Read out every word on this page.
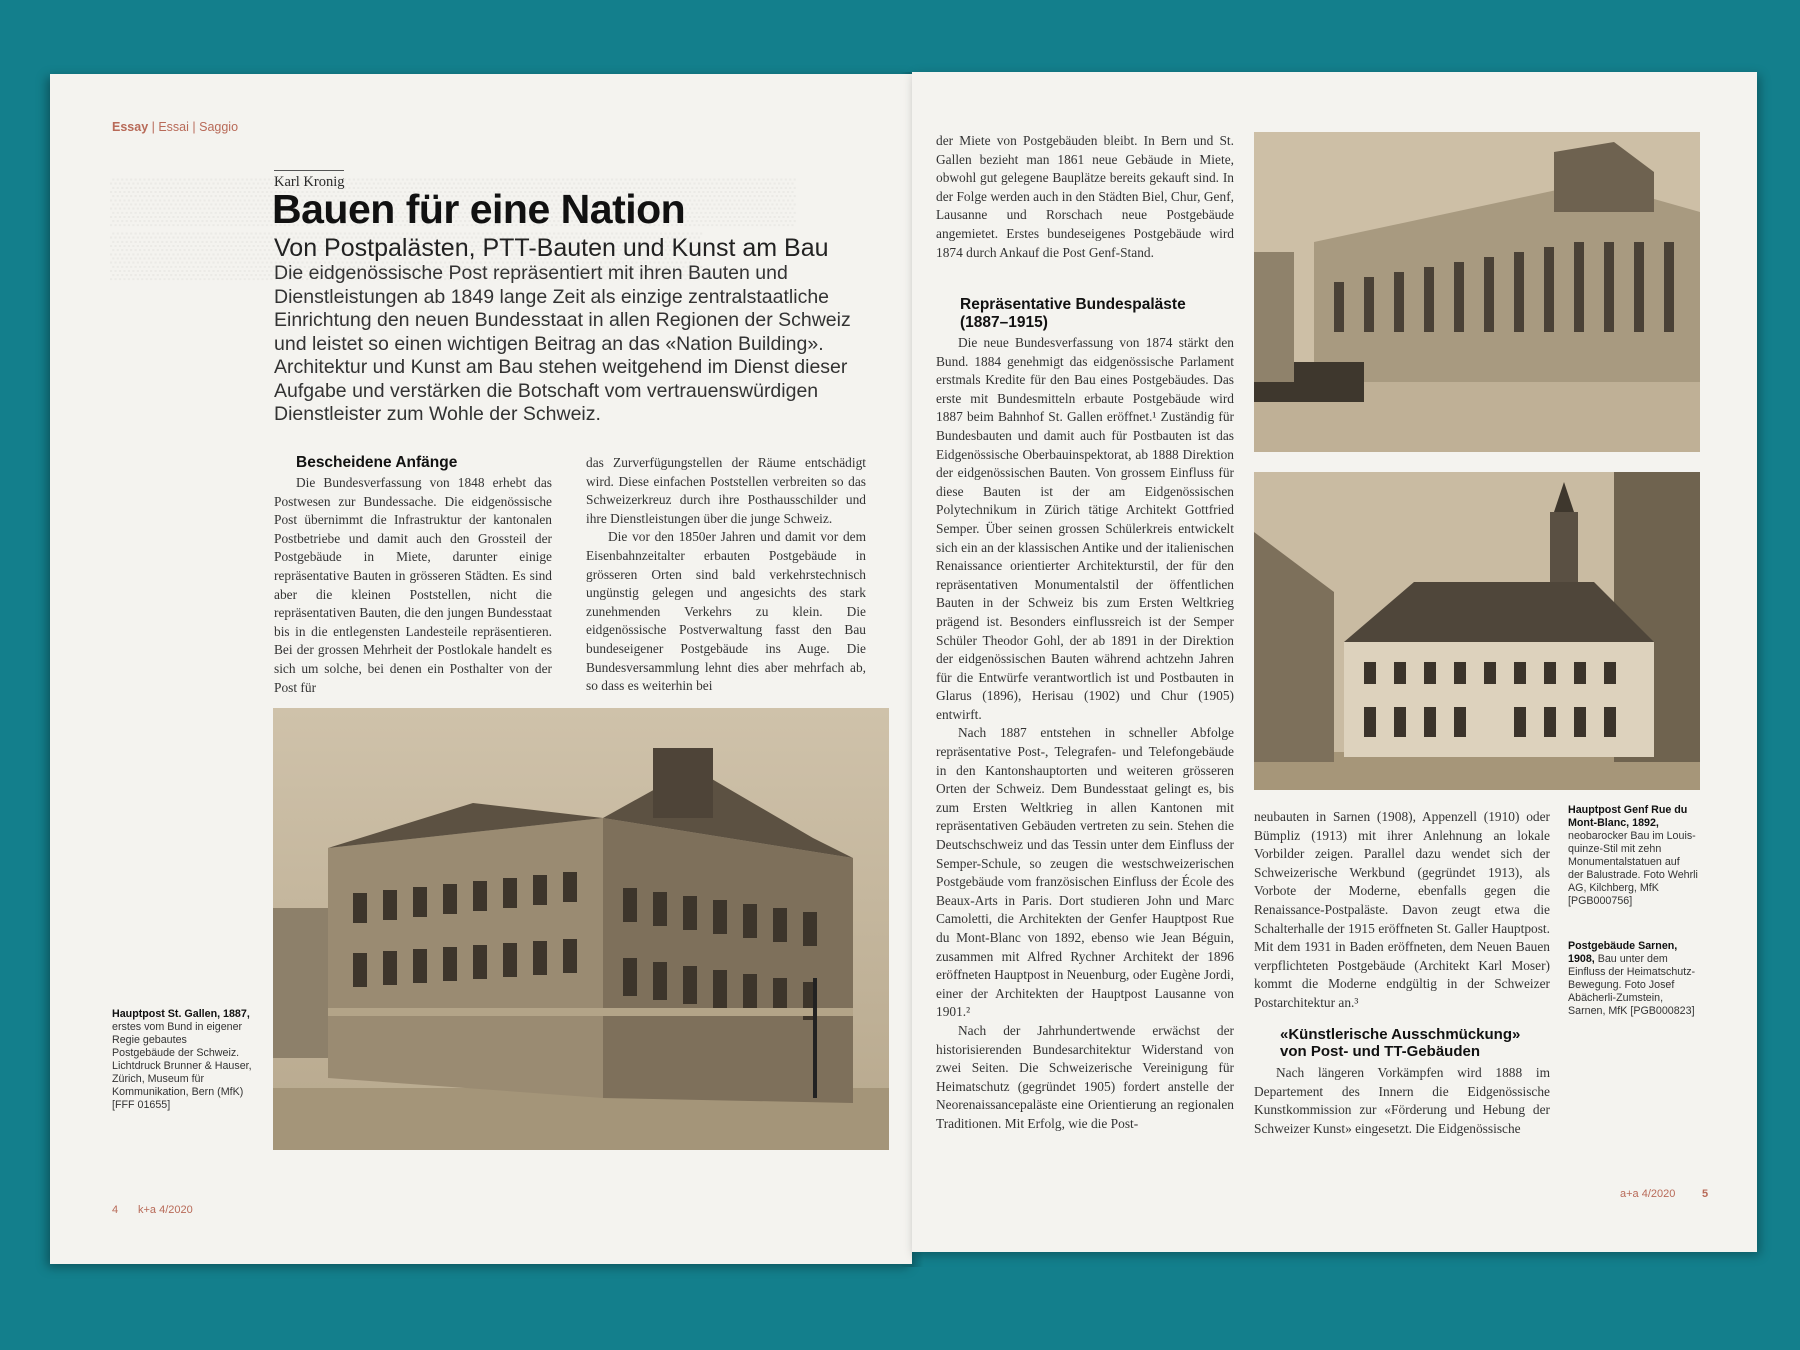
Essay | Essai | Saggio
Karl Kronig
Bauen für eine Nation
Von Postpalästen, PTT-Bauten und Kunst am Bau
Die eidgenössische Post repräsentiert mit ihren Bauten und Dienstleistungen ab 1849 lange Zeit als einzige zentralstaatliche Einrichtung den neuen Bundesstaat in allen Regionen der Schweiz und leistet so einen wichtigen Beitrag an das «Nation Building». Architektur und Kunst am Bau stehen weitgehend im Dienst dieser Aufgabe und verstärken die Botschaft vom vertrauenswürdigen Dienstleister zum Wohle der Schweiz.
Bescheidene Anfänge

Die Bundesverfassung von 1848 erhebt das Postwesen zur Bundessache. Die eidgenössische Post übernimmt die Infrastruktur der kantonalen Postbetriebe und damit auch den Grossteil der Postgebäude in Miete, darunter einige repräsentative Bauten in grösseren Städten. Es sind aber die kleinen Poststellen, nicht die repräsentativen Bauten, die den jungen Bundesstaat bis in die entlegensten Landesteile repräsentieren. Bei der grossen Mehrheit der Postlokale handelt es sich um solche, bei denen ein Posthalter von der Post für

das Zurverfügungstellen der Räume entschädigt wird. Diese einfachen Poststellen verbreiten so das Schweizerkreuz durch ihre Posthausschilder und ihre Dienstleistungen über die junge Schweiz.

Die vor den 1850er Jahren und damit vor dem Eisenbahnzeitalter erbauten Postgebäude in grösseren Orten sind bald verkehrstechnisch ungünstig gelegen und angesichts des stark zunehmenden Verkehrs zu klein. Die eidgenössische Postverwaltung fasst den Bau bundeseigener Postgebäude ins Auge. Die Bundesversammlung lehnt dies aber mehrfach ab, so dass es weiterhin bei

Hauptpost St. Gallen, 1887, erstes vom Bund in eigener Regie gebautes Postgebäude der Schweiz. Lichtdruck Brunner & Hauser, Zürich, Museum für Kommunikation, Bern (MfK) [FFF 01655]
4 k+a 4/2020

der Miete von Postgebäuden bleibt. In Bern und St. Gallen bezieht man 1861 neue Gebäude in Miete, obwohl gut gelegene Bauplätze bereits gekauft sind. In der Folge werden auch in den Städten Biel, Chur, Genf, Lausanne und Rorschach neue Postgebäude angemietet. Erstes bundeseigenes Postgebäude wird 1874 durch Ankauf die Post Genf-Stand.

Repräsentative Bundespaläste (1887–1915)

Die neue Bundesverfassung von 1874 stärkt den Bund. 1884 genehmigt das eidgenössische Parlament erstmals Kredite für den Bau eines Postgebäudes. Das erste mit Bundesmitteln erbaute Postgebäude wird 1887 beim Bahnhof St. Gallen eröffnet.¹ Zuständig für Bundesbauten und damit auch für Postbauten ist das Eidgenössische Oberbauinspektorat, ab 1888 Direktion der eidgenössischen Bauten. Von grossem Einfluss für diese Bauten ist der am Eidgenössischen Polytechnikum in Zürich tätige Architekt Gottfried Semper. Über seinen grossen Schülerkreis entwickelt sich ein an der klassischen Antike und der italienischen Renaissance orientierter Architekturstil, der für den repräsentativen Monumentalstil der öffentlichen Bauten in der Schweiz bis zum Ersten Weltkrieg prägend ist. Besonders einflussreich ist der Semper Schüler Theodor Gohl, der ab 1891 in der Direktion der eidgenössischen Bauten während achtzehn Jahren für die Entwürfe verantwortlich ist und Postbauten in Glarus (1896), Herisau (1902) und Chur (1905) entwirft.

Nach 1887 entstehen in schneller Abfolge repräsentative Post-, Telegrafen- und Telefongebäude in den Kantonshauptorten und weiteren grösseren Orten der Schweiz. Dem Bundesstaat gelingt es, bis zum Ersten Weltkrieg in allen Kantonen mit repräsentativen Gebäuden vertreten zu sein. Stehen die Deutschschweiz und das Tessin unter dem Einfluss der Semper-Schule, so zeugen die westschweizerischen Postgebäude vom französischen Einfluss der École des Beaux-Arts in Paris. Dort studieren John und Marc Camoletti, die Architekten der Genfer Hauptpost Rue du Mont-Blanc von 1892, ebenso wie Jean Béguin, zusammen mit Alfred Rychner Architekt der 1896 eröffneten Hauptpost in Neuenburg, oder Eugène Jordi, einer der Architekten der Hauptpost Lausanne von 1901.²

Nach der Jahrhundertwende erwächst der historisierenden Bundesarchitektur Widerstand von zwei Seiten. Die Schweizerische Vereinigung für Heimatschutz (gegründet 1905) fordert anstelle der Neorenaissancepaläste eine Orientierung an regionalen Traditionen. Mit Erfolg, wie die Post-

neubauten in Sarnen (1908), Appenzell (1910) oder Bümpliz (1913) mit ihrer Anlehnung an lokale Vorbilder zeigen. Parallel dazu wendet sich der Schweizerische Werkbund (gegründet 1913), als Vorbote der Moderne, ebenfalls gegen die Renaissance-Postpaläste. Davon zeugt etwa die Schalterhalle der 1915 eröffneten St. Galler Hauptpost. Mit dem 1931 in Baden eröffneten, dem Neuen Bauen verpflichteten Postgebäude (Architekt Karl Moser) kommt die Moderne endgültig in der Schweizer Postarchitektur an.³

«Künstlerische Ausschmückung» von Post- und TT-Gebäuden

Nach längeren Vorkämpfen wird 1888 im Departement des Innern die Eidgenössische Kunstkommission zur «Förderung und Hebung der Schweizer Kunst» eingesetzt. Die Eidgenössische

Hauptpost Genf Rue du Mont-Blanc, 1892, neobarocker Bau im Louis-quinze-Stil mit zehn Monumentalstatuen auf der Balustrade. Foto Wehrli AG, Kilchberg, MfK [PGB000756]
Postgebäude Sarnen, 1908, Bau unter dem Einfluss der Heimatschutz-Bewegung. Foto Josef Abächerli-Zumstein, Sarnen, MfK [PGB000823]
a+a 4/2020 5
